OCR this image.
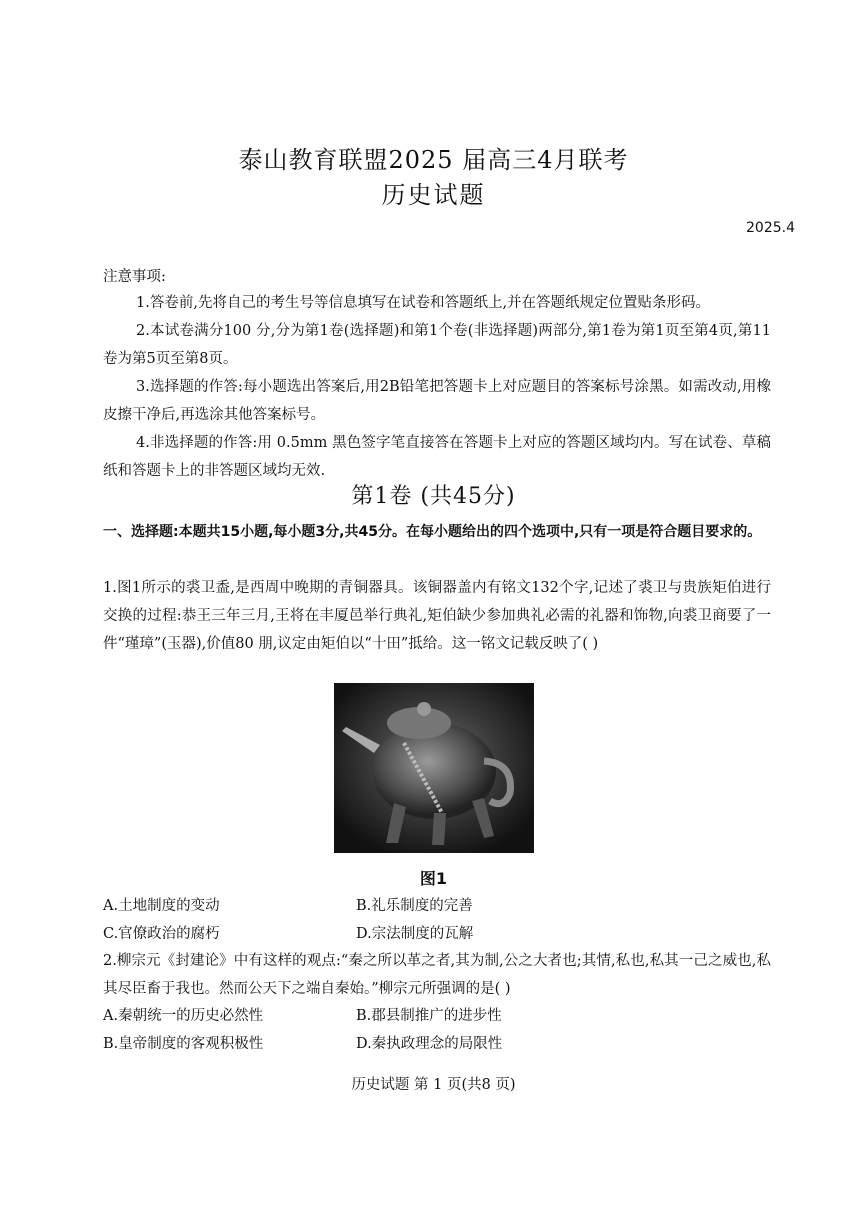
泰山教育联盟2025 届高三4月联考
历史试题
2025.4
注意事项:
1.答卷前,先将自己的考生号等信息填写在试卷和答题纸上,并在答题纸规定位置贴条形码。
2.本试卷满分100 分,分为第1卷(选择题)和第1个卷(非选择题)两部分,第1卷为第1页至第4页,第11卷为第5页至第8页。
3.选择题的作答:每小题选出答案后,用2B铅笔把答题卡上对应题目的答案标号涂黑。如需改动,用橡皮擦干净后,再选涂其他答案标号。
4.非选择题的作答:用 0.5mm 黑色签字笔直接答在答题卡上对应的答题区域均内。写在试卷、草稿纸和答题卡上的非答题区域均无效.
第1卷 (共45分)
一、选择题:本题共15小题,每小题3分,共45分。在每小题给出的四个选项中,只有一项是符合题目要求的。
1.图1所示的裘卫盉,是西周中晚期的青铜器具。该铜器盖内有铭文132个字,记述了裘卫与贵族矩伯进行交换的过程:恭王三年三月,王将在丰厦邑举行典礼,矩伯缺少参加典礼必需的礼器和饰物,向裘卫商要了一件“瑾璋”(玉器),价值80 朋,议定由矩伯以“十田”抵给。这一铭文记载反映了( )
图1
A.土地制度的变动	B.礼乐制度的完善
C.官僚政治的腐朽	D.宗法制度的瓦解
2.柳宗元《封建论》中有这样的观点:“秦之所以革之者,其为制,公之大者也;其情,私也,私其一己之威也,私其尽臣畜于我也。然而公天下之端自秦始。”柳宗元所强调的是( )
A.秦朝统一的历史必然性	B.郡县制推广的进步性
B.皇帝制度的客观积极性	D.秦执政理念的局限性
历史试题 第 1 页(共8 页)
